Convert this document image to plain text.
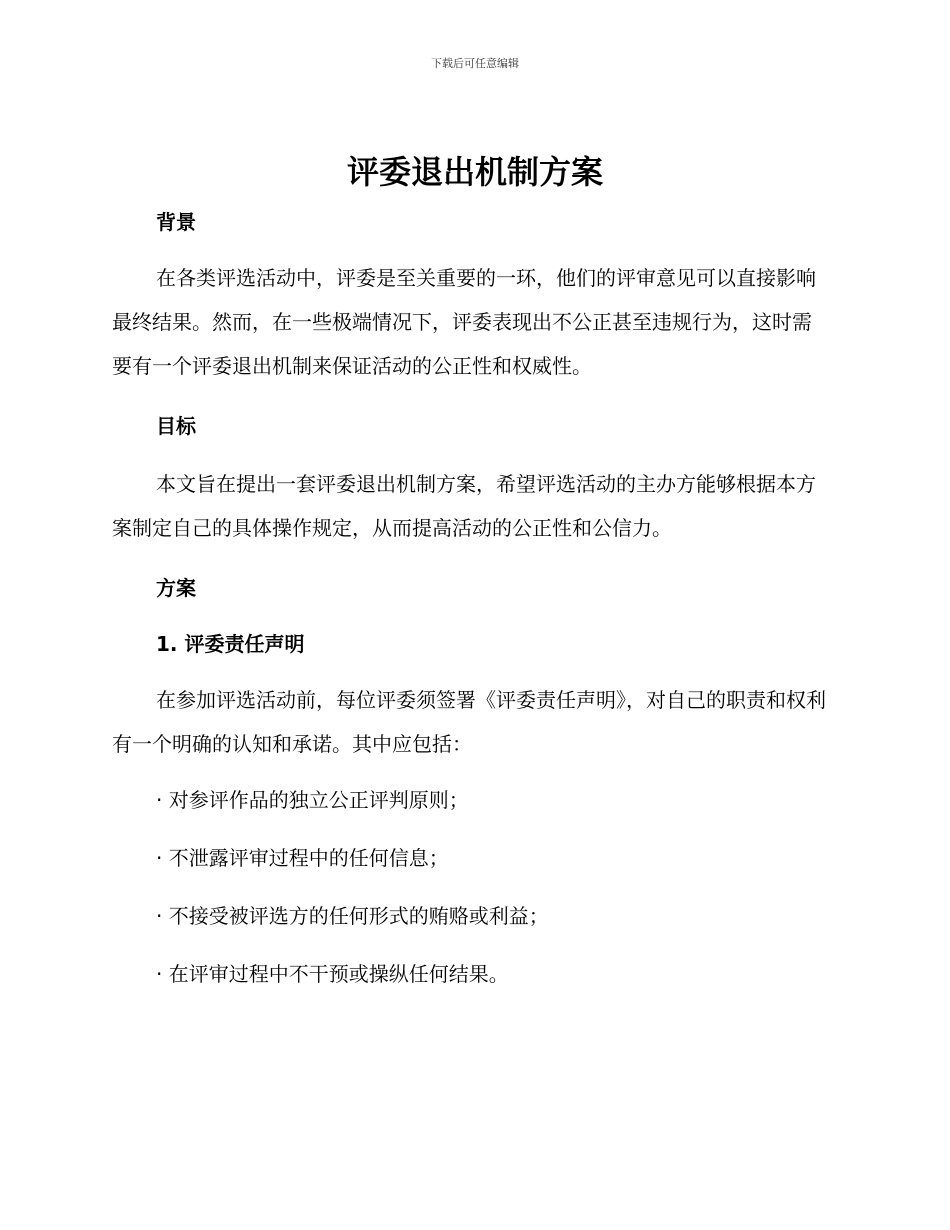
下载后可任意编辑
评委退出机制方案
背景

在各类评选活动中，评委是至关重要的一环，他们的评审意见可以直接影响最终结果。然而，在一些极端情况下，评委表现出不公正甚至违规行为，这时需要有一个评委退出机制来保证活动的公正性和权威性。

目标

本文旨在提出一套评委退出机制方案，希望评选活动的主办方能够根据本方案制定自己的具体操作规定，从而提高活动的公正性和公信力。

方案
1. 评委责任声明

在参加评选活动前，每位评委须签署《评委责任声明》，对自己的职责和权利有一个明确的认知和承诺。其中应包括：

· 对参评作品的独立公正评判原则；
· 不泄露评审过程中的任何信息；
· 不接受被评选方的任何形式的贿赂或利益；
· 在评审过程中不干预或操纵任何结果。
